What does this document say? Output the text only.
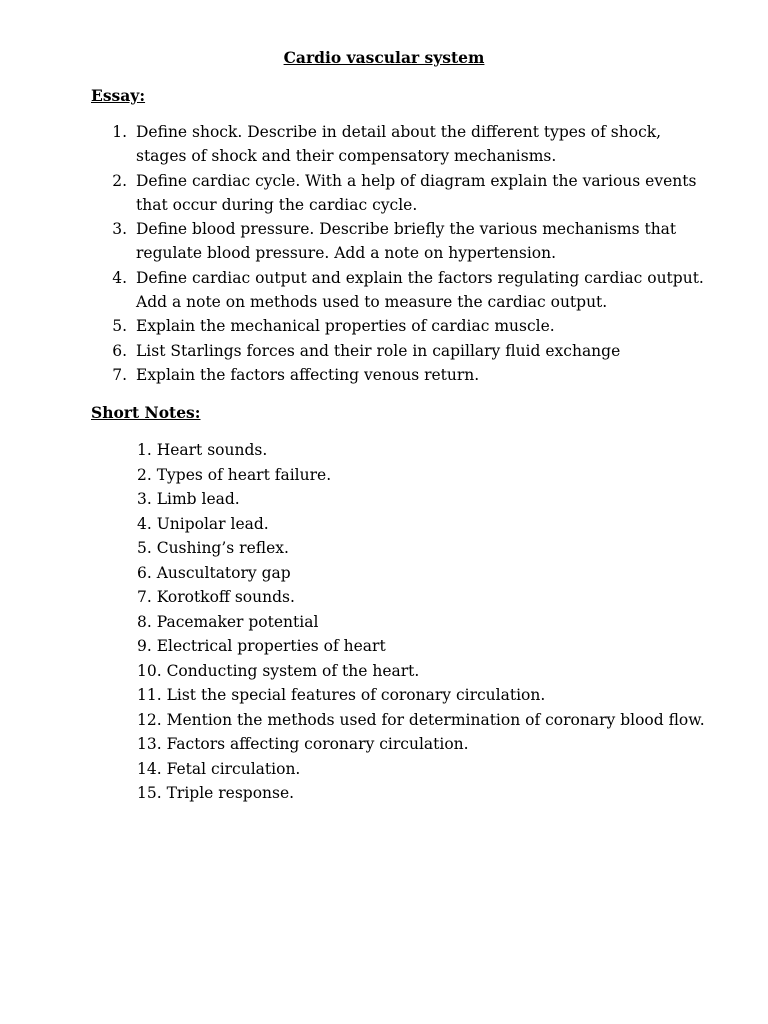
Cardio vascular system
Essay:
1. Define shock. Describe in detail about the different types of shock,
stages of shock and their compensatory mechanisms.
2. Define cardiac cycle. With a help of diagram explain the various events
that occur during the cardiac cycle.
3. Define blood pressure. Describe briefly the various mechanisms that
regulate blood pressure. Add a note on hypertension.
4. Define cardiac output and explain the factors regulating cardiac output.
Add a note on methods used to measure the cardiac output.
5. Explain the mechanical properties of cardiac muscle.
6. List Starlings forces and their role in capillary fluid exchange
7. Explain the factors affecting venous return.
Short Notes:
1. Heart sounds.
2. Types of heart failure.
3. Limb lead.
4. Unipolar lead.
5. Cushing’s reflex.
6. Auscultatory gap
7. Korotkoff sounds.
8. Pacemaker potential
9. Electrical properties of heart
10. Conducting system of the heart.
11. List the special features of coronary circulation.
12. Mention the methods used for determination of coronary blood flow.
13. Factors affecting coronary circulation.
14. Fetal circulation.
15. Triple response.
